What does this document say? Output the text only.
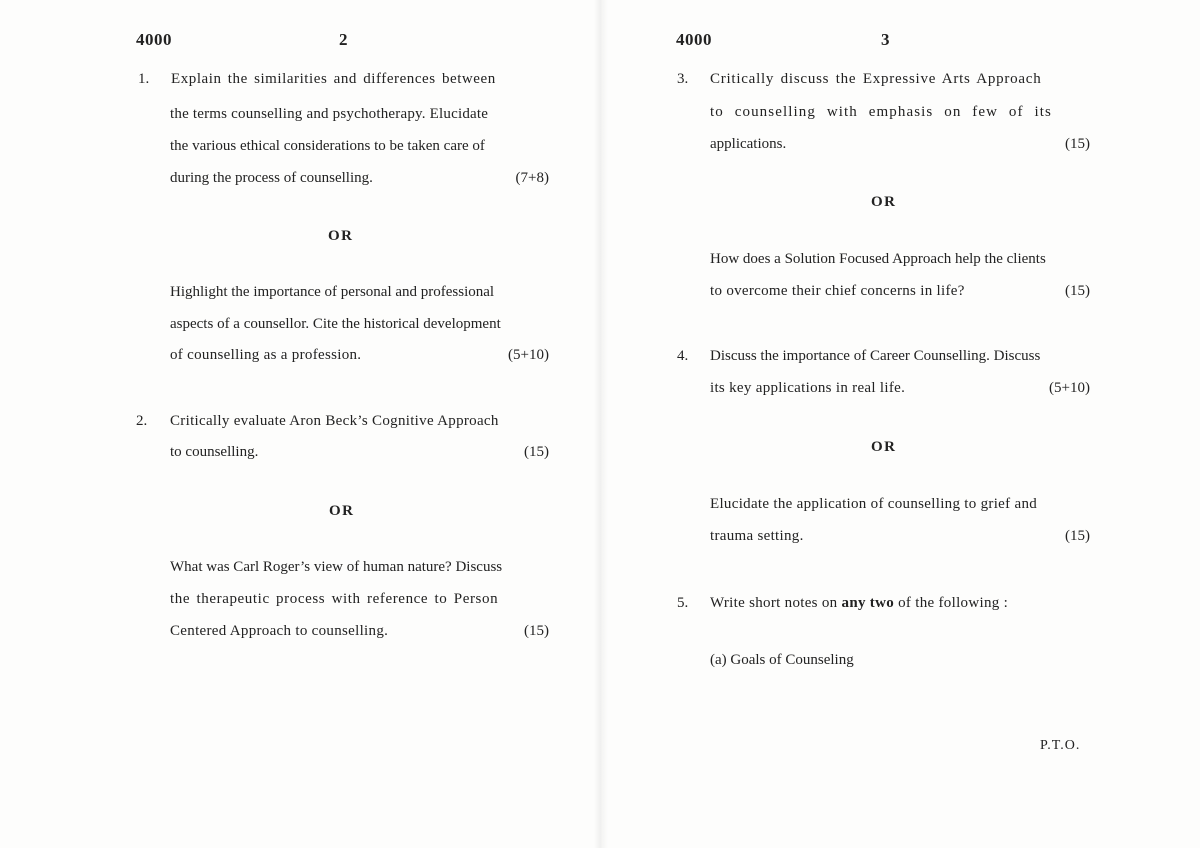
4000	2
1. Explain the similarities and differences between
the terms counselling and psychotherapy. Elucidate
the various ethical considerations to be taken care of
during the process of counselling.	(7+8)
OR
Highlight the importance of personal and professional
aspects of a counsellor. Cite the historical development
of counselling as a profession.	(5+10)
2. Critically evaluate Aron Beck’s Cognitive Approach
to counselling.	(15)
OR
What was Carl Roger’s view of human nature? Discuss
the therapeutic process with reference to Person
Centered Approach to counselling.	(15)
4000	3
3. Critically discuss the Expressive Arts Approach
to counselling with emphasis on few of its
applications.	(15)
OR
How does a Solution Focused Approach help the clients
to overcome their chief concerns in life?	(15)
4. Discuss the importance of Career Counselling. Discuss
its key applications in real life.	(5+10)
OR
Elucidate the application of counselling to grief and
trauma setting.	(15)
5. Write short notes on any two of the following :
(a) Goals of Counseling
P.T.O.
